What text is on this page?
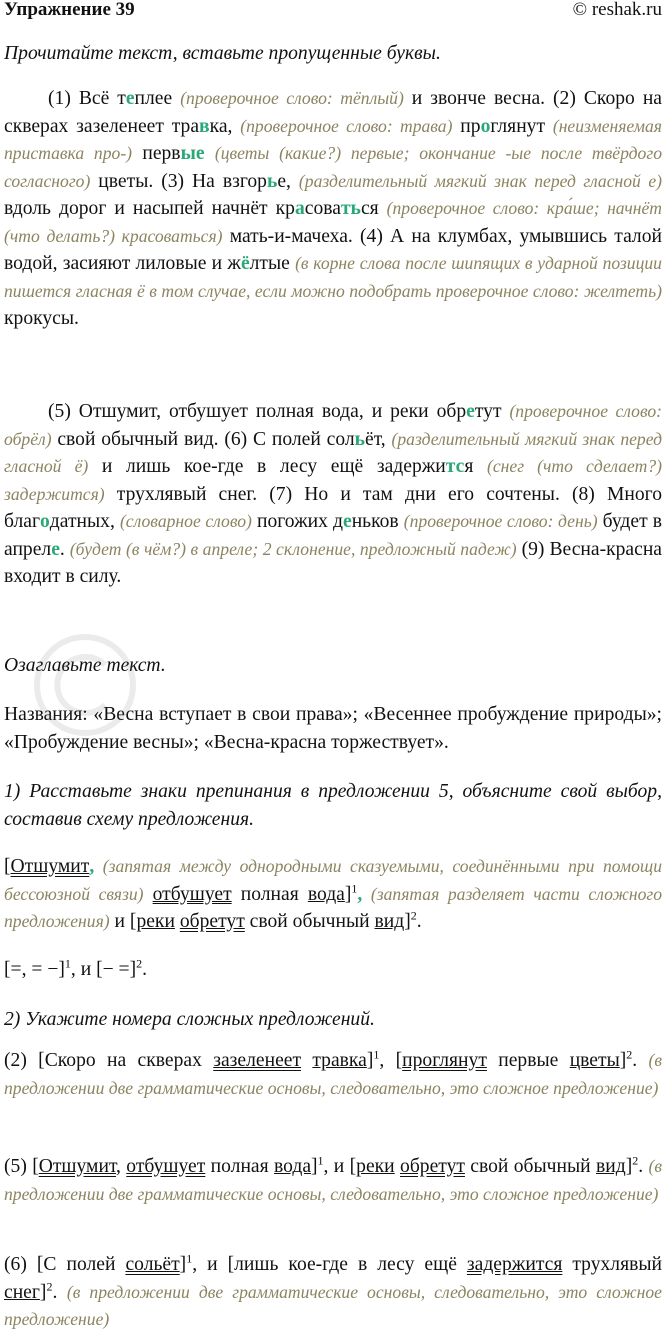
Упражнение 39	© reshak.ru
Прочитайте текст, вставьте пропущенные буквы.
(1) Всё теплее (проверочное слово: тёплый) и звонче весна. (2) Скоро на скверах зазеленеет травка, (проверочное слово: трава) проглянут (неизменяемая приставка про-) первые (цветы (какие?) первые; окончание -ые после твёрдого согласного) цветы. (3) На взгорье, (разделительный мягкий знак перед гласной е) вдоль дорог и насыпей начнёт красоваться (проверочное слово: кра́ше; начнёт (что делать?) красоваться) мать-и-мачеха. (4) А на клумбах, умывшись талой водой, засияют лиловые и жёлтые (в корне слова после шипящих в ударной позиции пишется гласная ё в том случае, если можно подобрать проверочное слово: желтеть) крокусы.
(5) Отшумит, отбушует полная вода, и реки обретут (проверочное слово: обрёл) свой обычный вид. (6) С полей сольёт, (разделительный мягкий знак перед гласной ё) и лишь кое-где в лесу ещё задержится (снег (что сделает?) задержится) трухлявый снег. (7) Но и там дни его сочтены. (8) Много благодатных, (словарное слово) погожих деньков (проверочное слово: день) будет в апреле. (будет (в чём?) в апреле; 2 склонение, предложный падеж) (9) Весна-красна входит в силу.
Озаглавьте текст.
Названия: «Весна вступает в свои права»; «Весеннее пробуждение природы»; «Пробуждение весны»; «Весна-красна торжествует».
1) Расставьте знаки препинания в предложении 5, объясните свой выбор, составив схему предложения.
[Отшумит, (запятая между однородными сказуемыми, соединёнными при помощи бессоюзной связи) отбушует полная вода]$^1$, (запятая разделяет части сложного предложения) и [реки обретут свой обычный вид]$^2$.
[=, = −]$^1$, и [− =]$^2$.
2) Укажите номера сложных предложений.
(2) [Скоро на скверах зазеленеет травка]$^1$, [проглянут первые цветы]$^2$. (в предложении две грамматические основы, следовательно, это сложное предложение)
(5) [Отшумит, отбушует полная вода]$^1$, и [реки обретут свой обычный вид]$^2$. (в предложении две грамматические основы, следовательно, это сложное предложение)
(6) [С полей сольёт]$^1$, и [лишь кое-где в лесу ещё задержится трухлявый снег]$^2$. (в предложении две грамматические основы, следовательно, это сложное предложение)
